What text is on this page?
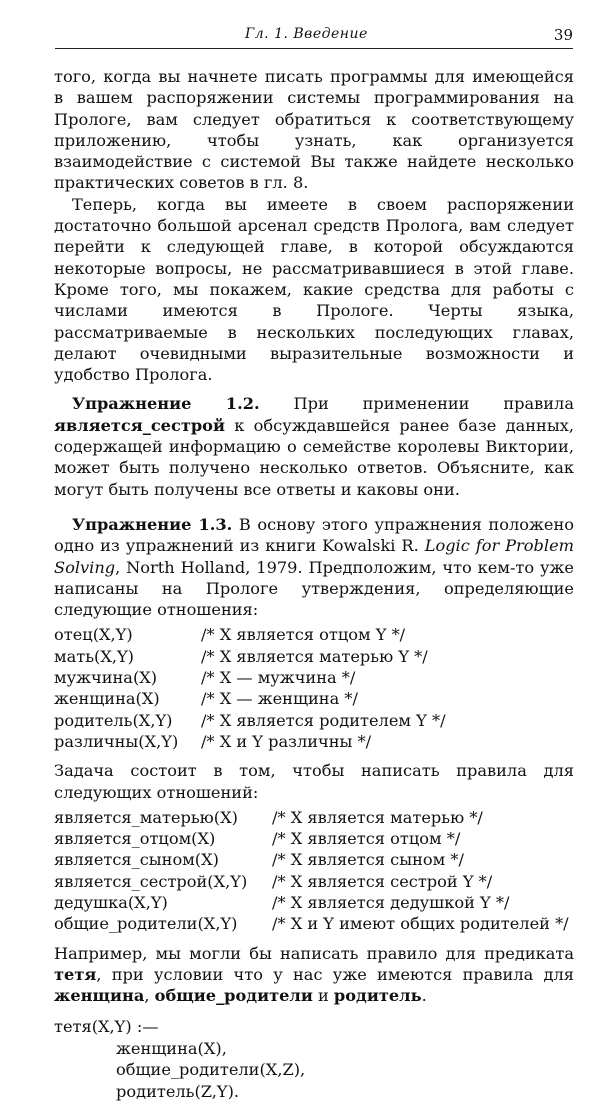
Гл. 1. Введение	39

того, когда вы начнете писать программы для имеющейся в вашем распоряжении системы программирования на Прологе, вам следует обратиться к соответствующему приложению, чтобы узнать, как организуется взаимодействие с системой Вы также найдете несколько практических советов в гл. 8.

Теперь, когда вы имеете в своем распоряжении достаточно большой арсенал средств Пролога, вам следует перейти к следующей главе, в которой обсуждаются некоторые вопросы, не рассматривавшиеся в этой главе. Кроме того, мы покажем, какие средства для работы с числами имеются в Прологе. Черты языка, рассматриваемые в нескольких последующих главах, делают очевидными выразительные возможности и удобство Пролога.

Упражнение 1.2. При применении правила является_сестрой к обсуждавшейся ранее базе данных, содержащей информацию о семействе королевы Виктории, может быть получено несколько ответов. Объясните, как могут быть получены все ответы и каковы они.

Упражнение 1.3. В основу этого упражнения положено одно из упражнений из книги Kowalski R. Logic for Problem Solving, North Holland, 1979. Предположим, что кем-то уже написаны на Прологе утверждения, определяющие следующие отношения:

отец(X,Y)	/* X является отцом Y */
мать(X,Y)	/* X является матерью Y */
мужчина(X)	/* X — мужчина */
женщина(X)	/* X — женщина */
родитель(X,Y)	/* X является родителем Y */
различны(X,Y)	/* X и Y различны */

Задача состоит в том, чтобы написать правила для следующих отношений:

является_матерью(X)	/* X является матерью */
является_отцом(X)	/* X является отцом */
является_сыном(X)	/* X является сыном */
является_сестрой(X,Y)	/* X является сестрой Y */
дедушка(X,Y)	/* X является дедушкой Y */
общие_родители(X,Y)	/* X и Y имеют общих родителей */

Например, мы могли бы написать правило для предиката тетя, при условии что у нас уже имеются правила для женщина, общие_родители и родитель.

тетя(X,Y) :—
женщина(X),
общие_родители(X,Z),
родитель(Z,Y).
